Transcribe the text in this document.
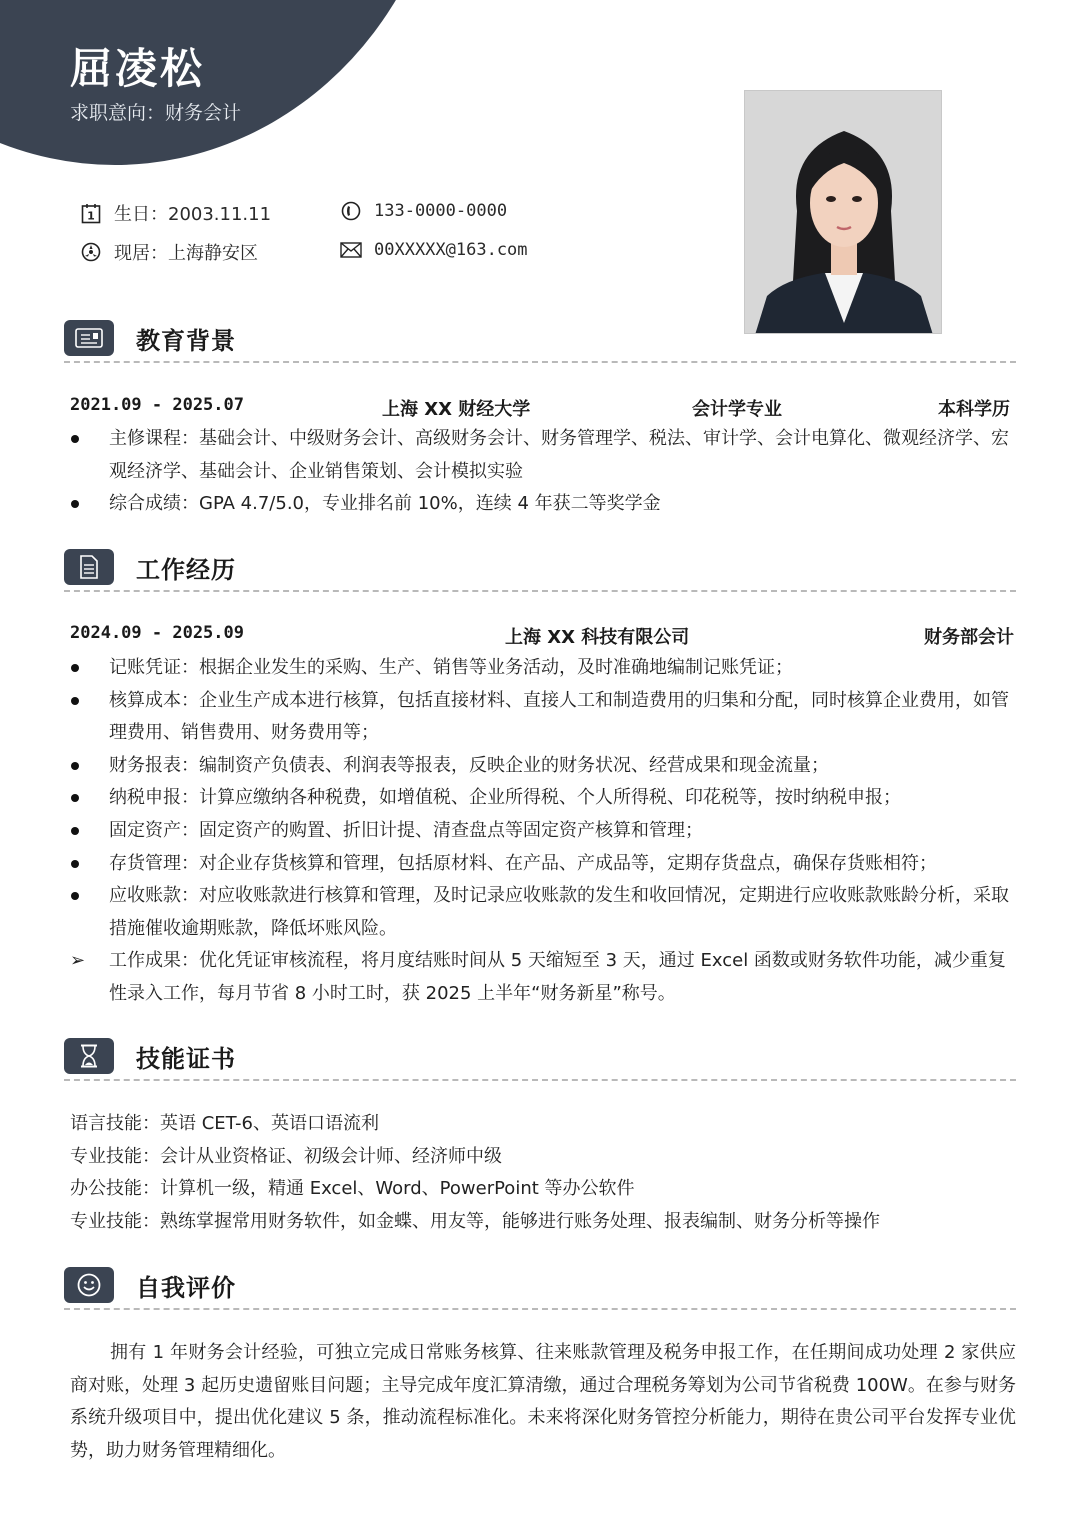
屈凌松
求职意向：财务会计
1 生日：2003.11.11	133-0000-0000
现居：上海静安区	00XXXXX@163.com
教育背景
2021.09 - 2025.07	上海 XX 财经大学	会计学专业	本科学历
主修课程：基础会计、中级财务会计、高级财务会计、财务管理学、税法、审计学、会计电算化、微观经济学、宏观经济学、基础会计、企业销售策划、会计模拟实验
综合成绩：GPA 4.7/5.0，专业排名前 10%，连续 4 年获二等奖学金
工作经历
2024.09 - 2025.09	上海 XX 科技有限公司	财务部会计
记账凭证：根据企业发生的采购、生产、销售等业务活动，及时准确地编制记账凭证；
核算成本：企业生产成本进行核算，包括直接材料、直接人工和制造费用的归集和分配，同时核算企业费用，如管理费用、销售费用、财务费用等；
财务报表：编制资产负债表、利润表等报表，反映企业的财务状况、经营成果和现金流量；
纳税申报：计算应缴纳各种税费，如增值税、企业所得税、个人所得税、印花税等，按时纳税申报；
固定资产：固定资产的购置、折旧计提、清查盘点等固定资产核算和管理；
存货管理：对企业存货核算和管理，包括原材料、在产品、产成品等，定期存货盘点，确保存货账相符；
应收账款：对应收账款进行核算和管理，及时记录应收账款的发生和收回情况，定期进行应收账款账龄分析，采取措施催收逾期账款，降低坏账风险。
➢ 工作成果：优化凭证审核流程，将月度结账时间从 5 天缩短至 3 天，通过 Excel 函数或财务软件功能，减少重复性录入工作，每月节省 8 小时工时，获 2025 上半年“财务新星”称号。
技能证书
语言技能：英语 CET-6、英语口语流利
专业技能：会计从业资格证、初级会计师、经济师中级
办公技能：计算机一级，精通 Excel、Word、PowerPoint 等办公软件
专业技能：熟练掌握常用财务软件，如金蝶、用友等，能够进行账务处理、报表编制、财务分析等操作
自我评价
拥有 1 年财务会计经验，可独立完成日常账务核算、往来账款管理及税务申报工作，在任期间成功处理 2 家供应商对账，处理 3 起历史遗留账目问题；主导完成年度汇算清缴，通过合理税务筹划为公司节省税费 100W。在参与财务系统升级项目中，提出优化建议 5 条，推动流程标准化。未来将深化财务管控分析能力，期待在贵公司平台发挥专业优势，助力财务管理精细化。
